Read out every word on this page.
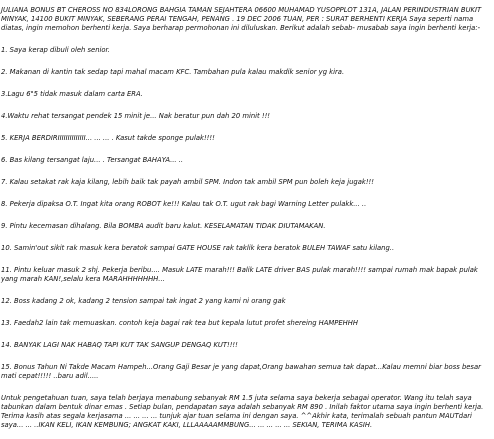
JULIANA BONUS BT CHEROSS NO 834LORONG BAHGIA TAMAN SEJAHTERA 06600 MUHAMAD YUSOPPLOT 131A, JALAN PERINDUSTRIAN BUKIT MINYAK, 14100 BUKIT MINYAK, SEBERANG PERAI TENGAH, PENANG . 19 DEC 2006 TUAN, PER : SURAT BERHENTI KERJA Saya seperti nama diatas, ingin memohon berhenti kerja. Saya berharap permohonan ini diluluskan. Berikut adalah sebab- musabab saya ingin berhenti kerja:-

1. Saya kerap dibuli oleh senior.

2. Makanan di kantin tak sedap tapi mahal macam KFC. Tambahan pula kalau makdik senior yg kira.

3.Lagu 6"5 tidak masuk dalam carta ERA.

4.Waktu rehat tersangat pendek 15 minit je... Nak beratur pun dah 20 minit !!!

5. KERJA BERDIRIIIIIIIIIIIIII... ... ... . Kasut takde sponge pulak!!!!

6. Bas kilang tersangat laju... . Tersangat BAHAYA... ..

7. Kalau setakat rak kaja kilang, lebih baik tak payah ambil SPM. Indon tak ambil SPM pun boleh keja jugak!!!

8. Pekerja dipaksa O.T. Ingat kita orang ROBOT ke!!! Kalau tak O.T. ugut rak bagi Warning Letter pulakk... ..

9. Pintu kecemasan dihalang. Bila BOMBA audit baru kalut. KESELAMATAN TIDAK DIUTAMAKAN.

10. Samin'out sikit rak masuk kera beratok sampai GATE HOUSE rak taklik kera beratok BULEH TAWAF satu kilang..

11. Pintu keluar masuk 2 shj. Pekerja beribu.... Masuk LATE marah!!! Balik LATE driver BAS pulak marah!!!! sampai rumah mak bapak pulak yang marah KAN!,selalu kera MARAHHHHHHH...

12. Boss kadang 2 ok, kadang 2 tension sampai tak ingat 2 yang kami ni orang gak

13. Faedah2 lain tak memuaskan. contoh keja bagai rak tea but kepala lutut profet shereing HAMPEHHH

14. BANYAK LAGI NAK HABAQ TAPI KUT TAK SANGUP DENGAQ KUT!!!!

15. Bonus Tahun Ni Takde Macam Hampeh...Orang Gaji Besar je yang dapat,Orang bawahan semua tak dapat...Kalau memni biar boss besar mati cepat!!!!! ..baru adil.....

Untuk pengetahuan tuan, saya telah berjaya menabung sebanyak RM 1.5 juta selama saya bekerja sebagai operator. Wang itu telah saya tabunkan dalam bentuk dinar emas . Setiap bulan, pendapatan saya adalah sebanyak RM 890 . Inilah faktor utama saya ingin berhenti kerja. Terima kasih atas segala kerjasama ... ... ... ... tunjuk ajar tuan selama ini dengan saya. ^^Akhir kata, terimalah sebuah pantun MAUTdari saya... ... ..IKAN KELI, IKAN KEMBUNG; ANGKAT KAKI, LLLAAAAAMMBUNG... ... ... ... ... SEKIAN, TERIMA KASIH.
